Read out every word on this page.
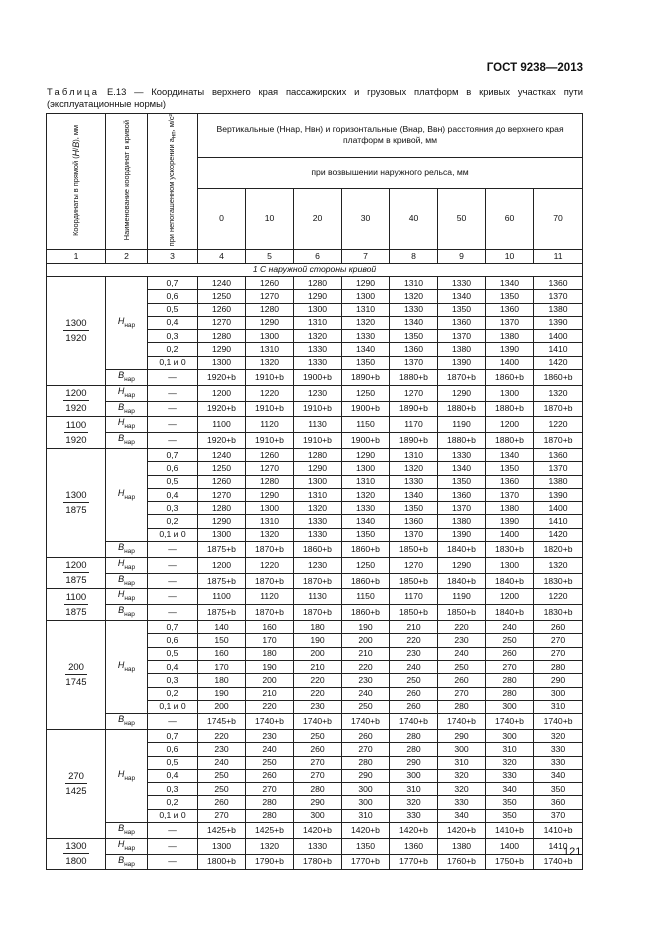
ГОСТ 9238—2013
Таблица Е.13 — Координаты верхнего края пассажирских и грузовых платформ в кривых участках пути (эксплуатационные нормы)
Координаты в прямой (H/B), мм	Наименование координат в кривой	при непогашенном ускорении $a_{нп}$, м/с²	Вертикальные (Hнар, Hвн) и горизонтальные (Bнар, Bвн) расстояния до верхнего края платформ в кривой, мм							
			при возвышении наружного рельса, мм							
			0	10	20	30	40	50	60	70
1	2	3	4	5	6	7	8	9	10	11
1 С наружной стороны кривой										

$\frac{1300}{1920}$	$H_{нар}$	0,7	1240	1260	1280	1290	1310	1330	1340	1360
		0,6	1250	1270	1290	1300	1320	1340	1350	1370
		0,5	1260	1280	1300	1310	1330	1350	1360	1380
		0,4	1270	1290	1310	1320	1340	1360	1370	1390
		0,3	1280	1300	1320	1330	1350	1370	1380	1400
		0,2	1290	1310	1330	1340	1360	1380	1390	1410
		0,1 и 0	1300	1320	1330	1350	1370	1390	1400	1420
	$B_{нар}$	—	1920+b	1910+b	1900+b	1890+b	1880+b	1870+b	1860+b	1860+b

$\frac{1200}{1920}$	$H_{нар}$	—	1200	1220	1230	1250	1270	1290	1300	1320
	$B_{нар}$	—	1920+b	1910+b	1910+b	1900+b	1890+b	1880+b	1880+b	1870+b

$\frac{1100}{1920}$	$H_{нар}$	—	1100	1120	1130	1150	1170	1190	1200	1220
	$B_{нар}$	—	1920+b	1910+b	1910+b	1900+b	1890+b	1880+b	1880+b	1870+b

$\frac{1300}{1875}$	$H_{нар}$	0,7	1240	1260	1280	1290	1310	1330	1340	1360
		0,6	1250	1270	1290	1300	1320	1340	1350	1370
		0,5	1260	1280	1300	1310	1330	1350	1360	1380
		0,4	1270	1290	1310	1320	1340	1360	1370	1390
		0,3	1280	1300	1320	1330	1350	1370	1380	1400
		0,2	1290	1310	1330	1340	1360	1380	1390	1410
		0,1 и 0	1300	1320	1330	1350	1370	1390	1400	1420
	$B_{нар}$	—	1875+b	1870+b	1860+b	1860+b	1850+b	1840+b	1830+b	1820+b

$\frac{1200}{1875}$	$H_{нар}$	—	1200	1220	1230	1250	1270	1290	1300	1320
	$B_{нар}$	—	1875+b	1870+b	1870+b	1860+b	1850+b	1840+b	1840+b	1830+b

$\frac{1100}{1875}$	$H_{нар}$	—	1100	1120	1130	1150	1170	1190	1200	1220
	$B_{нар}$	—	1875+b	1870+b	1870+b	1860+b	1850+b	1850+b	1840+b	1830+b

$\frac{200}{1745}$	$H_{нар}$	0,7	140	160	180	190	210	220	240	260
		0,6	150	170	190	200	220	230	250	270
		0,5	160	180	200	210	230	240	260	270
		0,4	170	190	210	220	240	250	270	280
		0,3	180	200	220	230	250	260	280	290
		0,2	190	210	220	240	260	270	280	300
		0,1 и 0	200	220	230	250	260	280	300	310
	$B_{нар}$	—	1745+b	1740+b	1740+b	1740+b	1740+b	1740+b	1740+b	1740+b

$\frac{270}{1425}$	$H_{нар}$	0,7	220	230	250	260	280	290	300	320
		0,6	230	240	260	270	280	300	310	330
		0,5	240	250	270	280	290	310	320	330
		0,4	250	260	270	290	300	320	330	340
		0,3	250	270	280	300	310	320	340	350
		0,2	260	280	290	300	320	330	350	360
		0,1 и 0	270	280	300	310	330	340	350	370
	$B_{нар}$	—	1425+b	1425+b	1420+b	1420+b	1420+b	1420+b	1410+b	1410+b

$\frac{1300}{1800}$	$H_{нар}$	—	1300	1320	1330	1350	1360	1380	1400	1410
	$B_{нар}$	—	1800+b	1790+b	1780+b	1770+b	1770+b	1760+b	1750+b	1740+b
121
